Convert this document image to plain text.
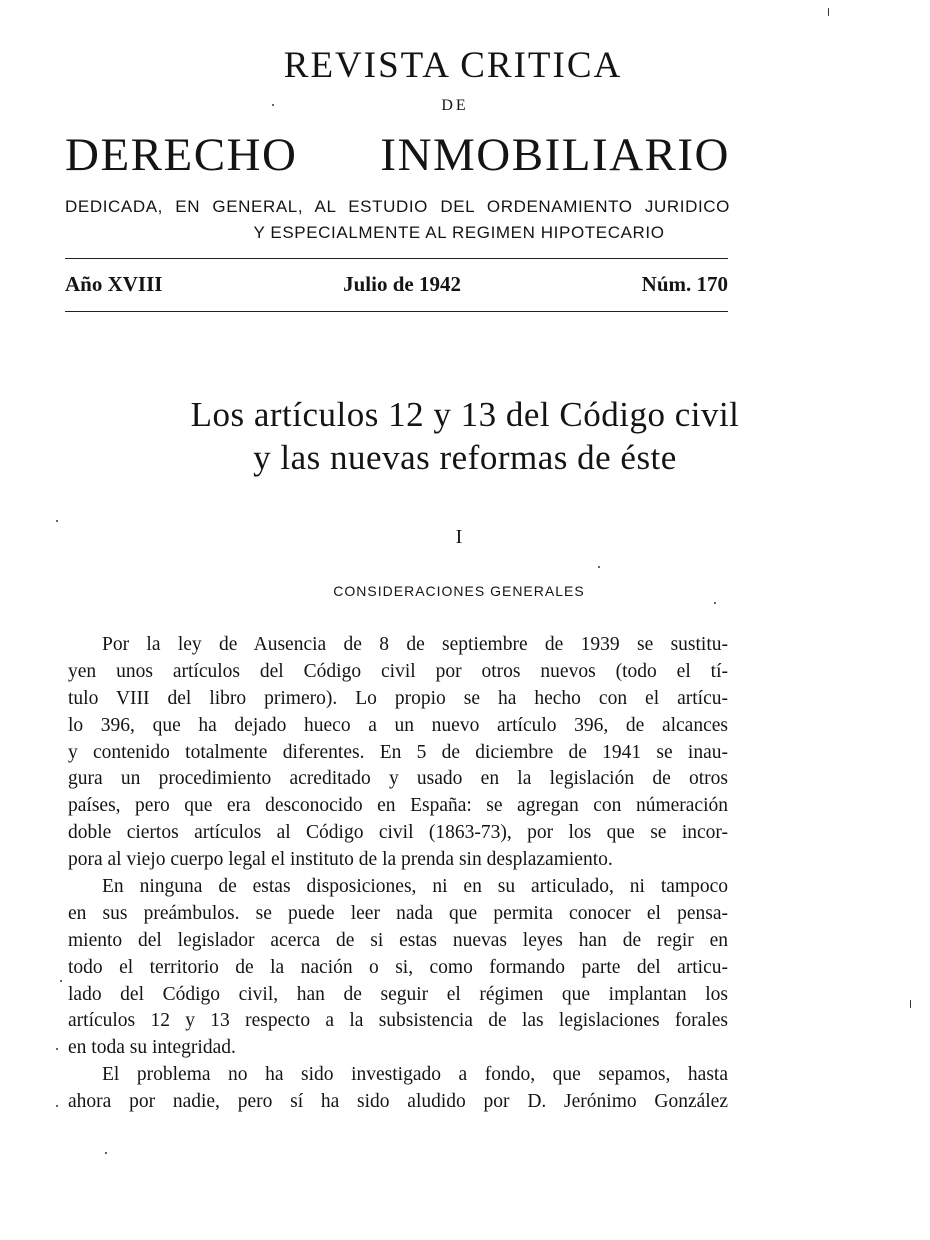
REVISTA CRITICA
DE
DERECHO INMOBILIARIO
DEDICADA, EN GENERAL, AL ESTUDIO DEL ORDENAMIENTO JURIDICO
Y ESPECIALMENTE AL REGIMEN HIPOTECARIO
Año XVIII	Julio de 1942	Núm. 170
Los artículos 12 y 13 del Código civil
y las nuevas reformas de éste
I
CONSIDERACIONES GENERALES
Por la ley de Ausencia de 8 de septiembre de 1939 se sustitu-
yen unos artículos del Código civil por otros nuevos (todo el tí-
tulo VIII del libro primero). Lo propio se ha hecho con el artícu-
lo 396, que ha dejado hueco a un nuevo artículo 396, de alcances
y contenido totalmente diferentes. En 5 de diciembre de 1941 se inau-
gura un procedimiento acreditado y usado en la legislación de otros
países, pero que era desconocido en España: se agregan con númeración
doble ciertos artículos al Código civil (1863-73), por los que se incor-
pora al viejo cuerpo legal el instituto de la prenda sin desplazamiento.
En ninguna de estas disposiciones, ni en su articulado, ni tampoco
en sus preámbulos. se puede leer nada que permita conocer el pensa-
miento del legislador acerca de si estas nuevas leyes han de regir en
todo el territorio de la nación o si, como formando parte del articu-
lado del Código civil, han de seguir el régimen que implantan los
artículos 12 y 13 respecto a la subsistencia de las legislaciones forales
en toda su integridad.
El problema no ha sido investigado a fondo, que sepamos, hasta
ahora por nadie, pero sí ha sido aludido por D. Jerónimo González
